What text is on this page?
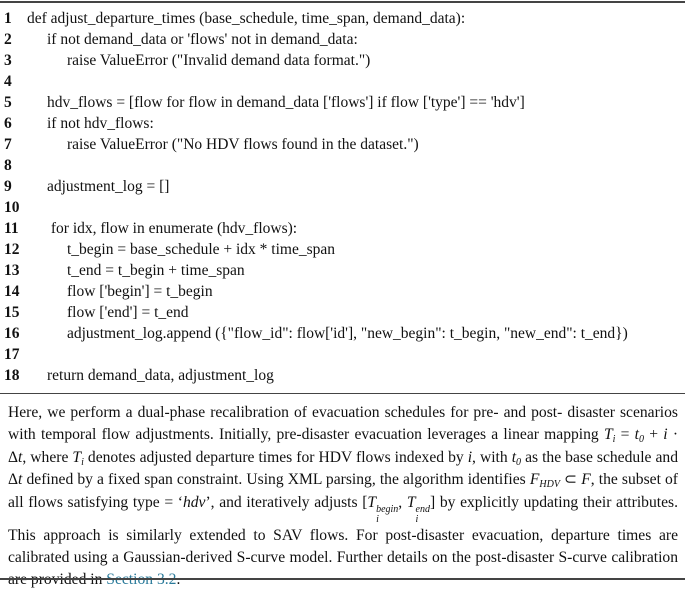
1 def adjust_departure_times (base_schedule, time_span, demand_data):
2 if not demand_data or 'flows' not in demand_data:
3	raise ValueError ("Invalid demand data format.")
4
5 hdv_flows = [flow for flow in demand_data ['flows'] if flow ['type'] == 'hdv']
6 if not hdv_flows:
7	raise ValueError ("No HDV flows found in the dataset.")
8
9 adjustment_log = []
10
11 for idx, flow in enumerate (hdv_flows):
12	t_begin = base_schedule + idx * time_span
13	t_end = t_begin + time_span
14	flow ['begin'] = t_begin
15	flow ['end'] = t_end
16	adjustment_log.append ({"flow_id": flow['id'], "new_begin": t_begin, "new_end": t_end})
17
18 return demand_data, adjustment_log

Here, we perform a dual-phase recalibration of evacuation schedules for pre- and post- disaster scenarios with temporal flow adjustments. Initially, pre-disaster evacuation leverages a linear mapping Ti = t0 + i · Δt, where Ti denotes adjusted departure times for HDV flows indexed by i, with t0 as the base schedule and Δt defined by a fixed span constraint. Using XML parsing, the algorithm identifies FHDV ⊂ F, the subset of all flows satisfying type = ‘hdv’, and iteratively adjusts [T begin
i
, T end
i
] by explicitly updating their attributes. This approach is similarly extended to SAV flows. For post-disaster evacuation, departure times are calibrated using a Gaussian-derived S-curve model. Further details on the post-disaster S-curve calibration
